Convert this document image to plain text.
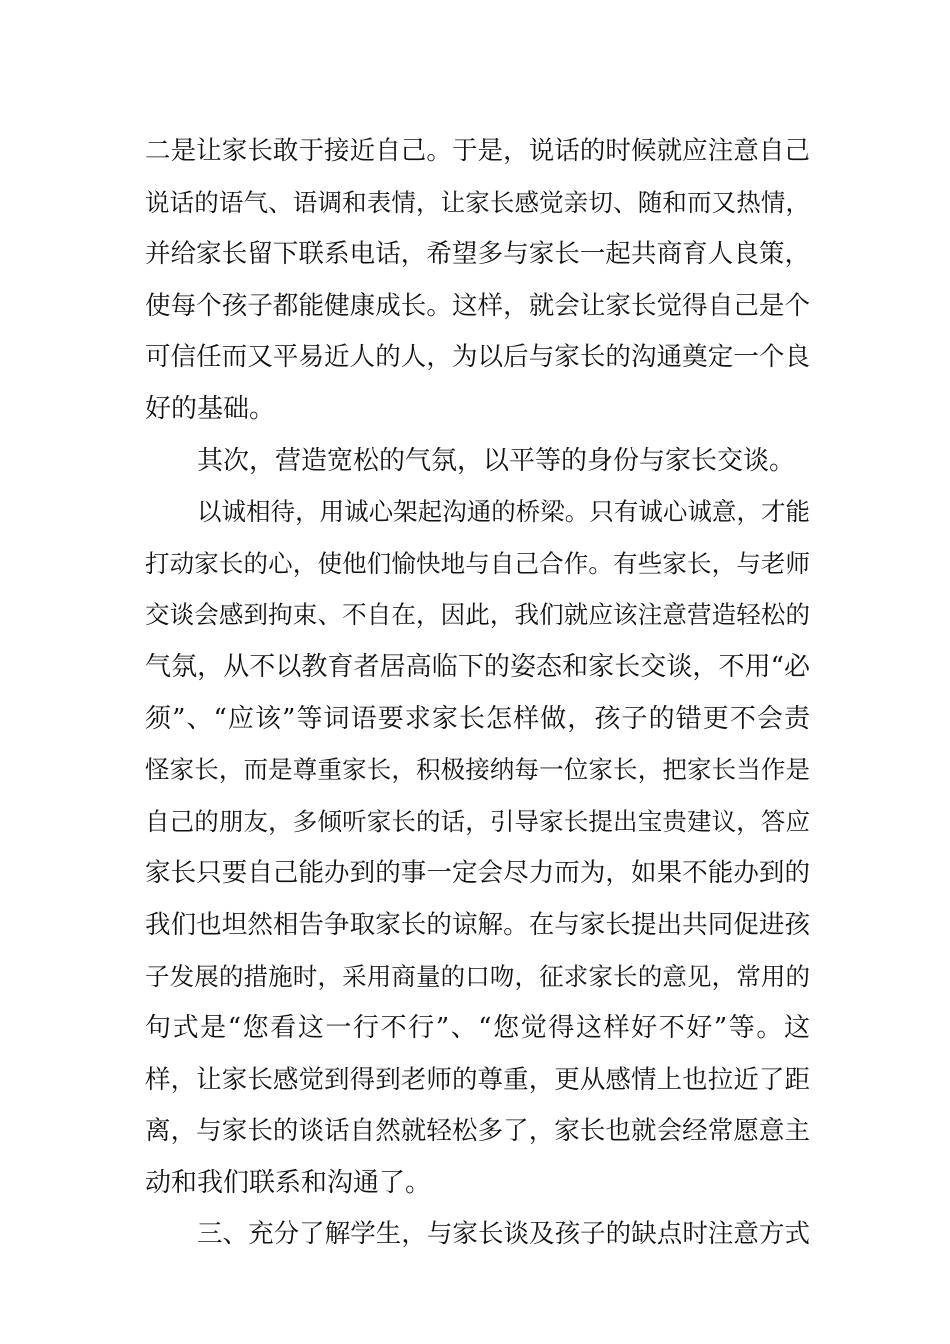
二是让家长敢于接近自己。于是，说话的时候就应注意自己
说话的语气、语调和表情，让家长感觉亲切、随和而又热情，
并给家长留下联系电话，希望多与家长一起共商育人良策，
使每个孩子都能健康成长。这样，就会让家长觉得自己是个
可信任而又平易近人的人，为以后与家长的沟通奠定一个良
好的基础。
其次，营造宽松的气氛，以平等的身份与家长交谈。
以诚相待，用诚心架起沟通的桥梁。只有诚心诚意，才能
打动家长的心，使他们愉快地与自己合作。有些家长，与老师
交谈会感到拘束、不自在，因此，我们就应该注意营造轻松的
气氛，从不以教育者居高临下的姿态和家长交谈，不用“必
须”、“应该”等词语要求家长怎样做，孩子的错更不会责
怪家长，而是尊重家长，积极接纳每一位家长，把家长当作是
自己的朋友，多倾听家长的话，引导家长提出宝贵建议，答应
家长只要自己能办到的事一定会尽力而为，如果不能办到的
我们也坦然相告争取家长的谅解。在与家长提出共同促进孩
子发展的措施时，采用商量的口吻，征求家长的意见，常用的
句式是“您看这一行不行”、“您觉得这样好不好”等。这
样，让家长感觉到得到老师的尊重，更从感情上也拉近了距
离，与家长的谈话自然就轻松多了，家长也就会经常愿意主
动和我们联系和沟通了。
三、充分了解学生，与家长谈及孩子的缺点时注意方式
